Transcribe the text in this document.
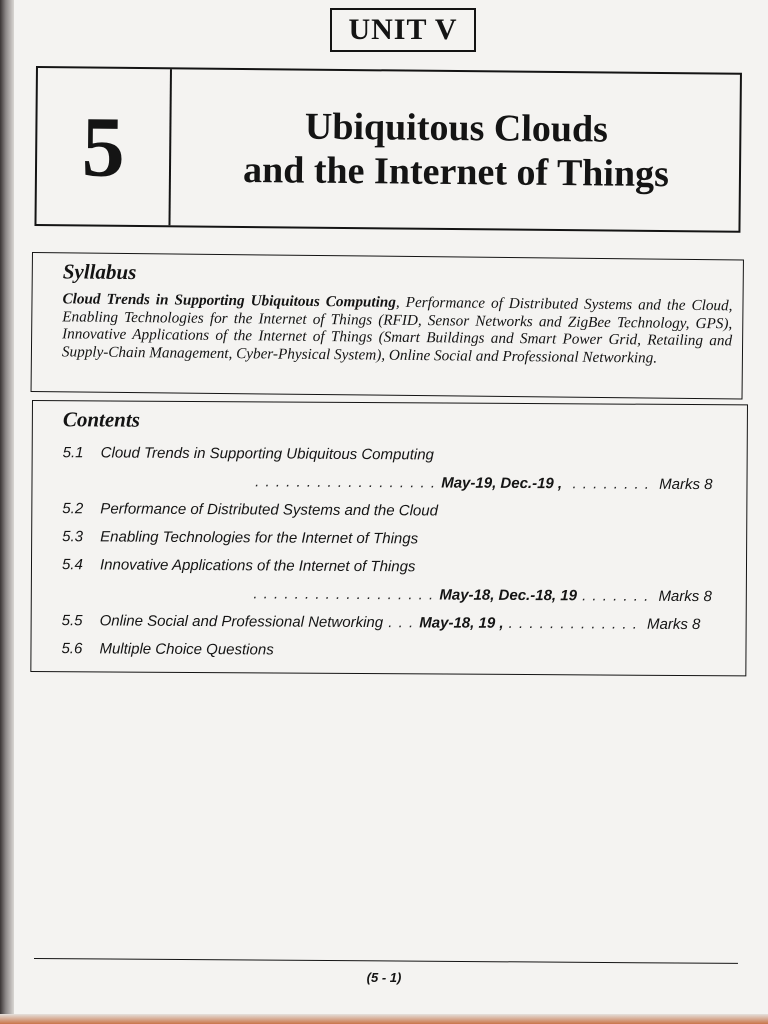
UNIT V
5	Ubiquitous Clouds
and the Internet of Things
Syllabus
Cloud Trends in Supporting Ubiquitous Computing, Performance of Distributed Systems and the Cloud, Enabling Technologies for the Internet of Things (RFID, Sensor Networks and ZigBee Technology, GPS), Innovative Applications of the Internet of Things (Smart Buildings and Smart Power Grid, Retailing and Supply-Chain Management, Cyber-Physical System), Online Social and Professional Networking.
Contents
5.1	Cloud Trends in Supporting Ubiquitous Computing
. . . . . . . . . . . . . . . . . . May-19, Dec.-19 , . . . . . . . . Marks 8
5.2	Performance of Distributed Systems and the Cloud
5.3	Enabling Technologies for the Internet of Things
5.4	Innovative Applications of the Internet of Things
. . . . . . . . . . . . . . . . . . May-18, Dec.-18, 19 . . . . . . . Marks 8
5.5	Online Social and Professional Networking . . . May-18, 19 , . . . . . . . . . . . . . Marks 8
5.6	Multiple Choice Questions
(5 - 1)
